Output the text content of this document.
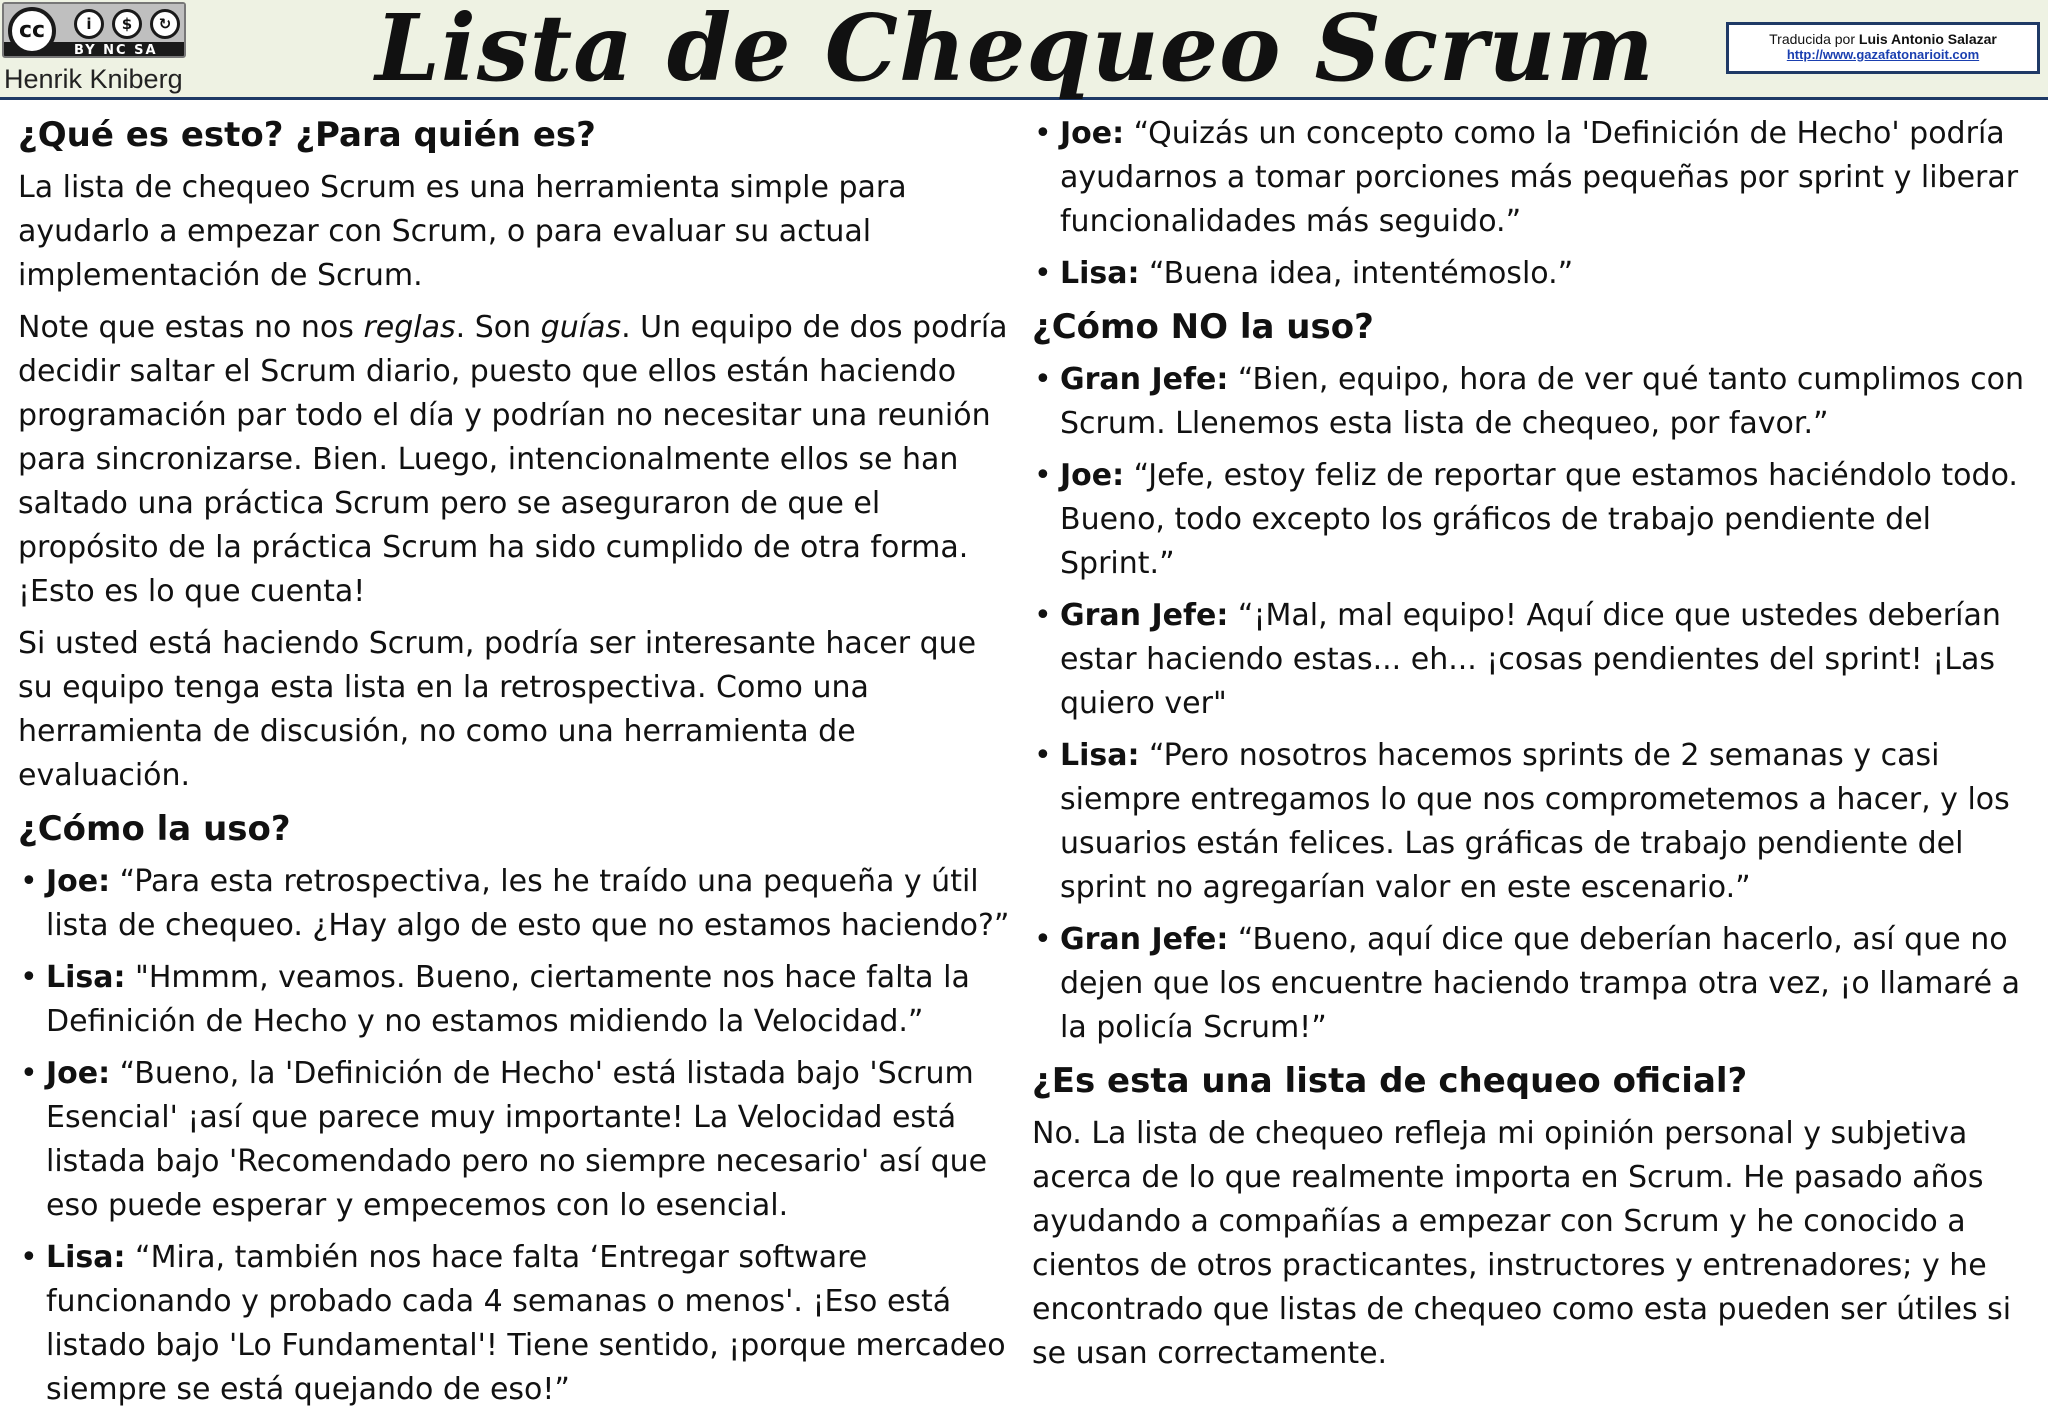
cc	i	$	↻
BY NC SA
Henrik Kniberg	Lista de Chequeo Scrum	Traducida por Luis Antonio Salazar
http://www.gazafatonarioit.com
¿Qué es esto? ¿Para quién es?

La lista de chequeo Scrum es una herramienta simple para ayudarlo a empezar con Scrum, o para evaluar su actual implementación de Scrum.

Note que estas no nos reglas. Son guías. Un equipo de dos podría decidir saltar el Scrum diario, puesto que ellos están haciendo programación par todo el día y podrían no necesitar una reunión para sincronizarse. Bien. Luego, intencionalmente ellos se han saltado una práctica Scrum pero se aseguraron de que el propósito de la práctica Scrum ha sido cumplido de otra forma. ¡Esto es lo que cuenta!

Si usted está haciendo Scrum, podría ser interesante hacer que su equipo tenga esta lista en la retrospectiva. Como una herramienta de discusión, no como una herramienta de evaluación.

¿Cómo la uso?
• Joe: “Para esta retrospectiva, les he traído una pequeña y útil lista de chequeo. ¿Hay algo de esto que no estamos haciendo?”
• Lisa: "Hmmm, veamos. Bueno, ciertamente nos hace falta la Definición de Hecho y no estamos midiendo la Velocidad.”
• Joe: “Bueno, la 'Definición de Hecho' está listada bajo 'Scrum Esencial' ¡así que parece muy importante! La Velocidad está listada bajo 'Recomendado pero no siempre necesario' así que eso puede esperar y empecemos con lo esencial.
• Lisa: “Mira, también nos hace falta ‘Entregar software funcionando y probado cada 4 semanas o menos'. ¡Eso está listado bajo 'Lo Fundamental'! Tiene sentido, ¡porque mercadeo siempre se está quejando de eso!”
• Joe: “Quizás un concepto como la 'Definición de Hecho' podría ayudarnos a tomar porciones más pequeñas por sprint y liberar funcionalidades más seguido.”
• Lisa: “Buena idea, intentémoslo.”
¿Cómo NO la uso?
• Gran Jefe: “Bien, equipo, hora de ver qué tanto cumplimos con Scrum. Llenemos esta lista de chequeo, por favor.”
• Joe: “Jefe, estoy feliz de reportar que estamos haciéndolo todo. Bueno, todo excepto los gráficos de trabajo pendiente del Sprint.”
• Gran Jefe: “¡Mal, mal equipo! Aquí dice que ustedes deberían estar haciendo estas... eh... ¡cosas pendientes del sprint! ¡Las quiero ver"
• Lisa: “Pero nosotros hacemos sprints de 2 semanas y casi siempre entregamos lo que nos comprometemos a hacer, y los usuarios están felices. Las gráficas de trabajo pendiente del sprint no agregarían valor en este escenario.”
• Gran Jefe: “Bueno, aquí dice que deberían hacerlo, así que no dejen que los encuentre haciendo trampa otra vez, ¡o llamaré a la policía Scrum!”
¿Es esta una lista de chequeo oficial?

No. La lista de chequeo refleja mi opinión personal y subjetiva acerca de lo que realmente importa en Scrum. He pasado años ayudando a compañías a empezar con Scrum y he conocido a cientos de otros practicantes, instructores y entrenadores; y he encontrado que listas de chequeo como esta pueden ser útiles si se usan correctamente.
